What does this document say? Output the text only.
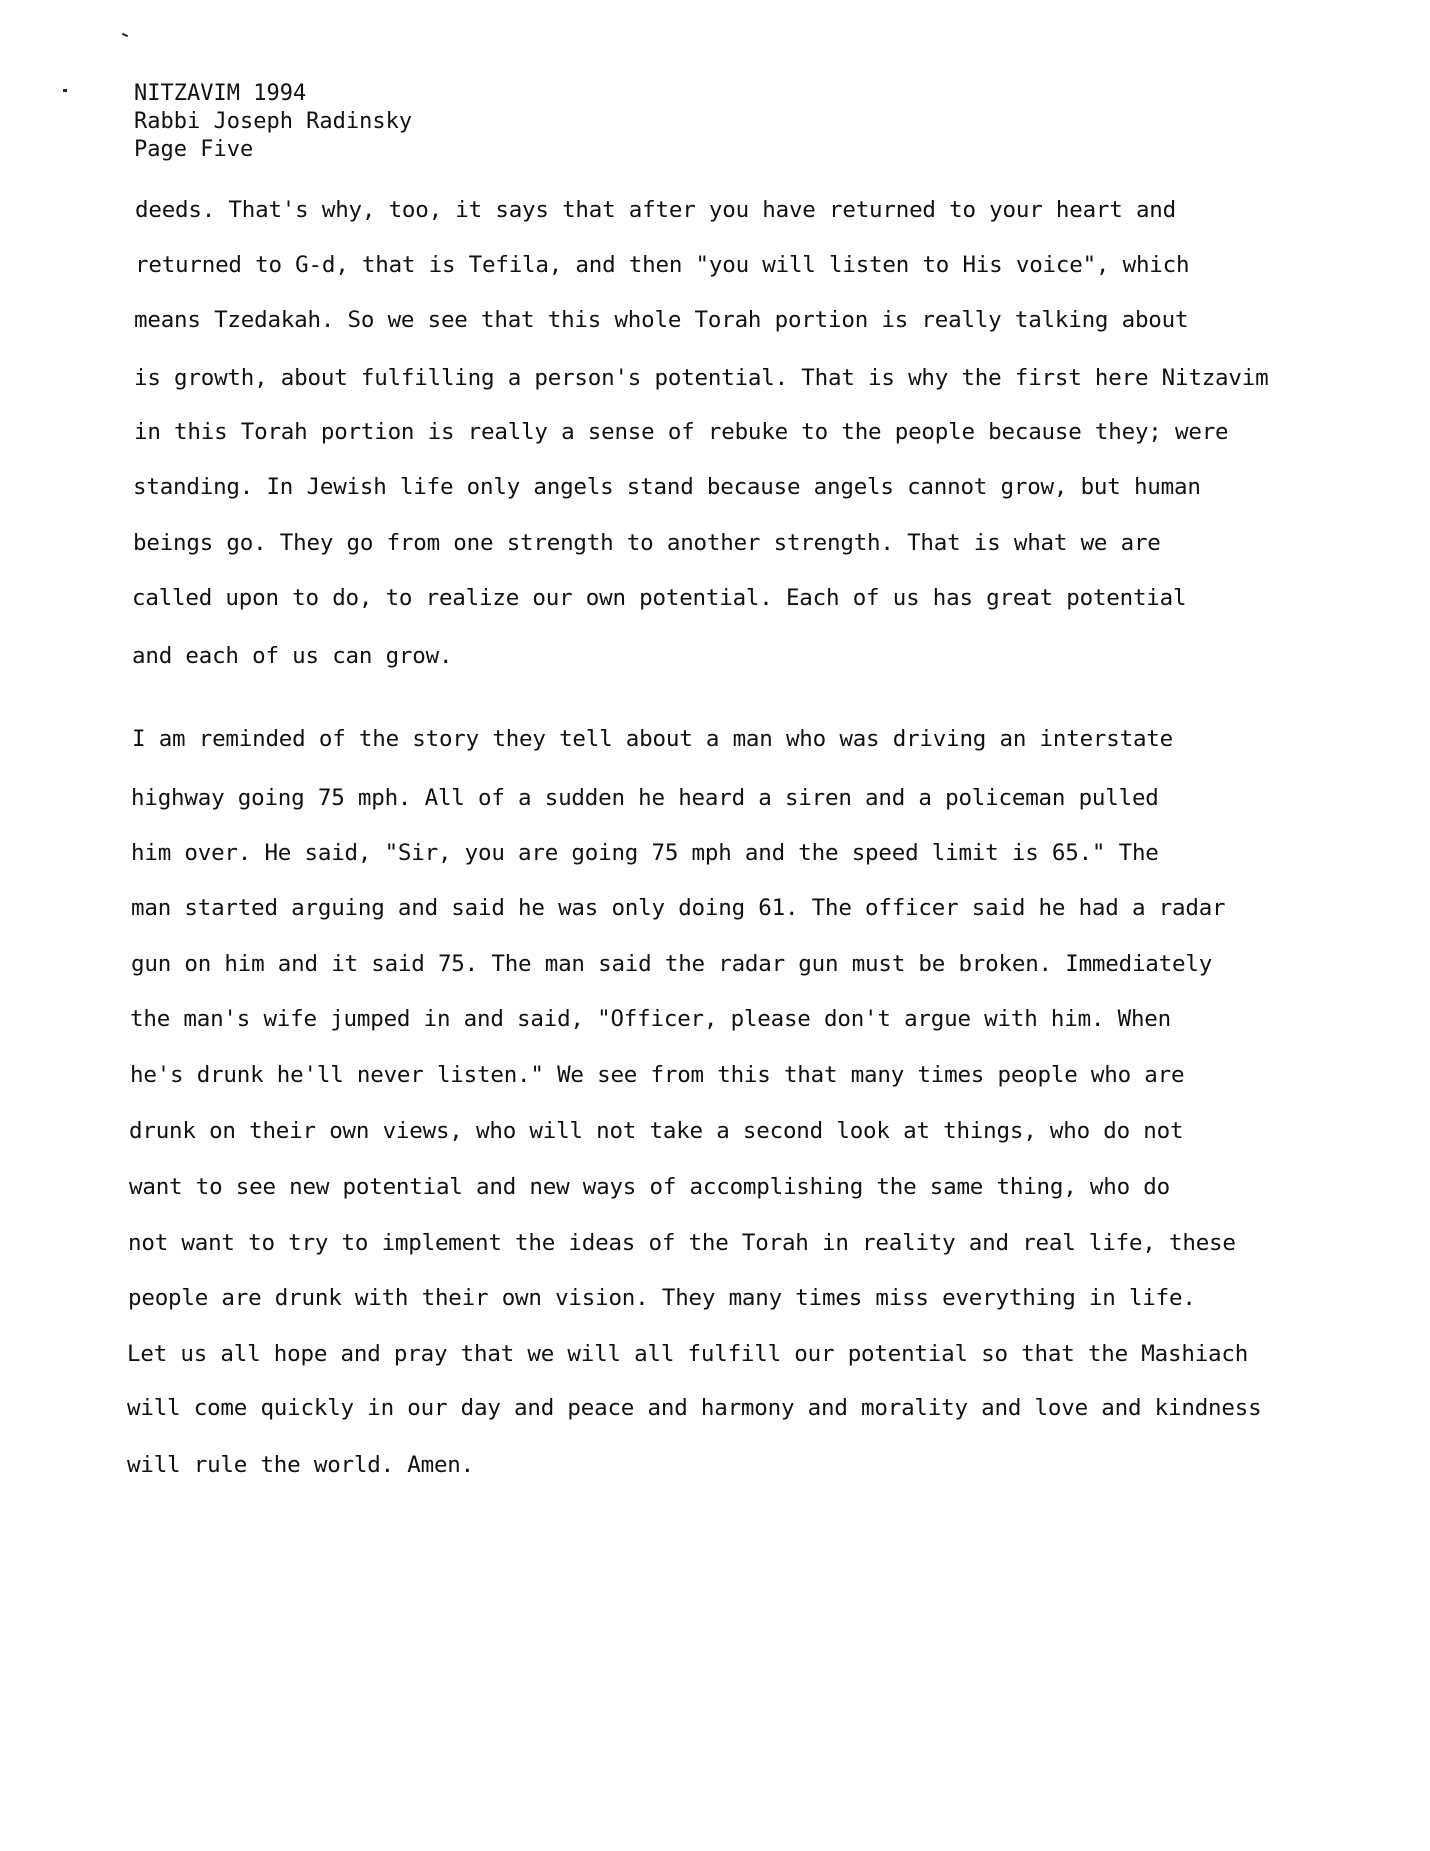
NITZAVIM 1994
Rabbi Joseph Radinsky
Page Five
deeds. That's why, too, it says that after you have returned to your heart and
returned to G-d, that is Tefila, and then "you will listen to His voice", which
means Tzedakah. So we see that this whole Torah portion is really talking about
is growth, about fulfilling a person's potential. That is why the first here Nitzavim
in this Torah portion is really a sense of rebuke to the people because they; were
standing. In Jewish life only angels stand because angels cannot grow, but human
beings go. They go from one strength to another strength. That is what we are
called upon to do, to realize our own potential. Each of us has great potential
and each of us can grow.
I am reminded of the story they tell about a man who was driving an interstate
highway going 75 mph. All of a sudden he heard a siren and a policeman pulled
him over. He said, "Sir, you are going 75 mph and the speed limit is 65." The
man started arguing and said he was only doing 61. The officer said he had a radar
gun on him and it said 75. The man said the radar gun must be broken. Immediately
the man's wife jumped in and said, "Officer, please don't argue with him. When
he's drunk he'll never listen." We see from this that many times people who are
drunk on their own views, who will not take a second look at things, who do not
want to see new potential and new ways of accomplishing the same thing, who do
not want to try to implement the ideas of the Torah in reality and real life, these
people are drunk with their own vision. They many times miss everything in life.
Let us all hope and pray that we will all fulfill our potential so that the Mashiach
will come quickly in our day and peace and harmony and morality and love and kindness
will rule the world. Amen.
